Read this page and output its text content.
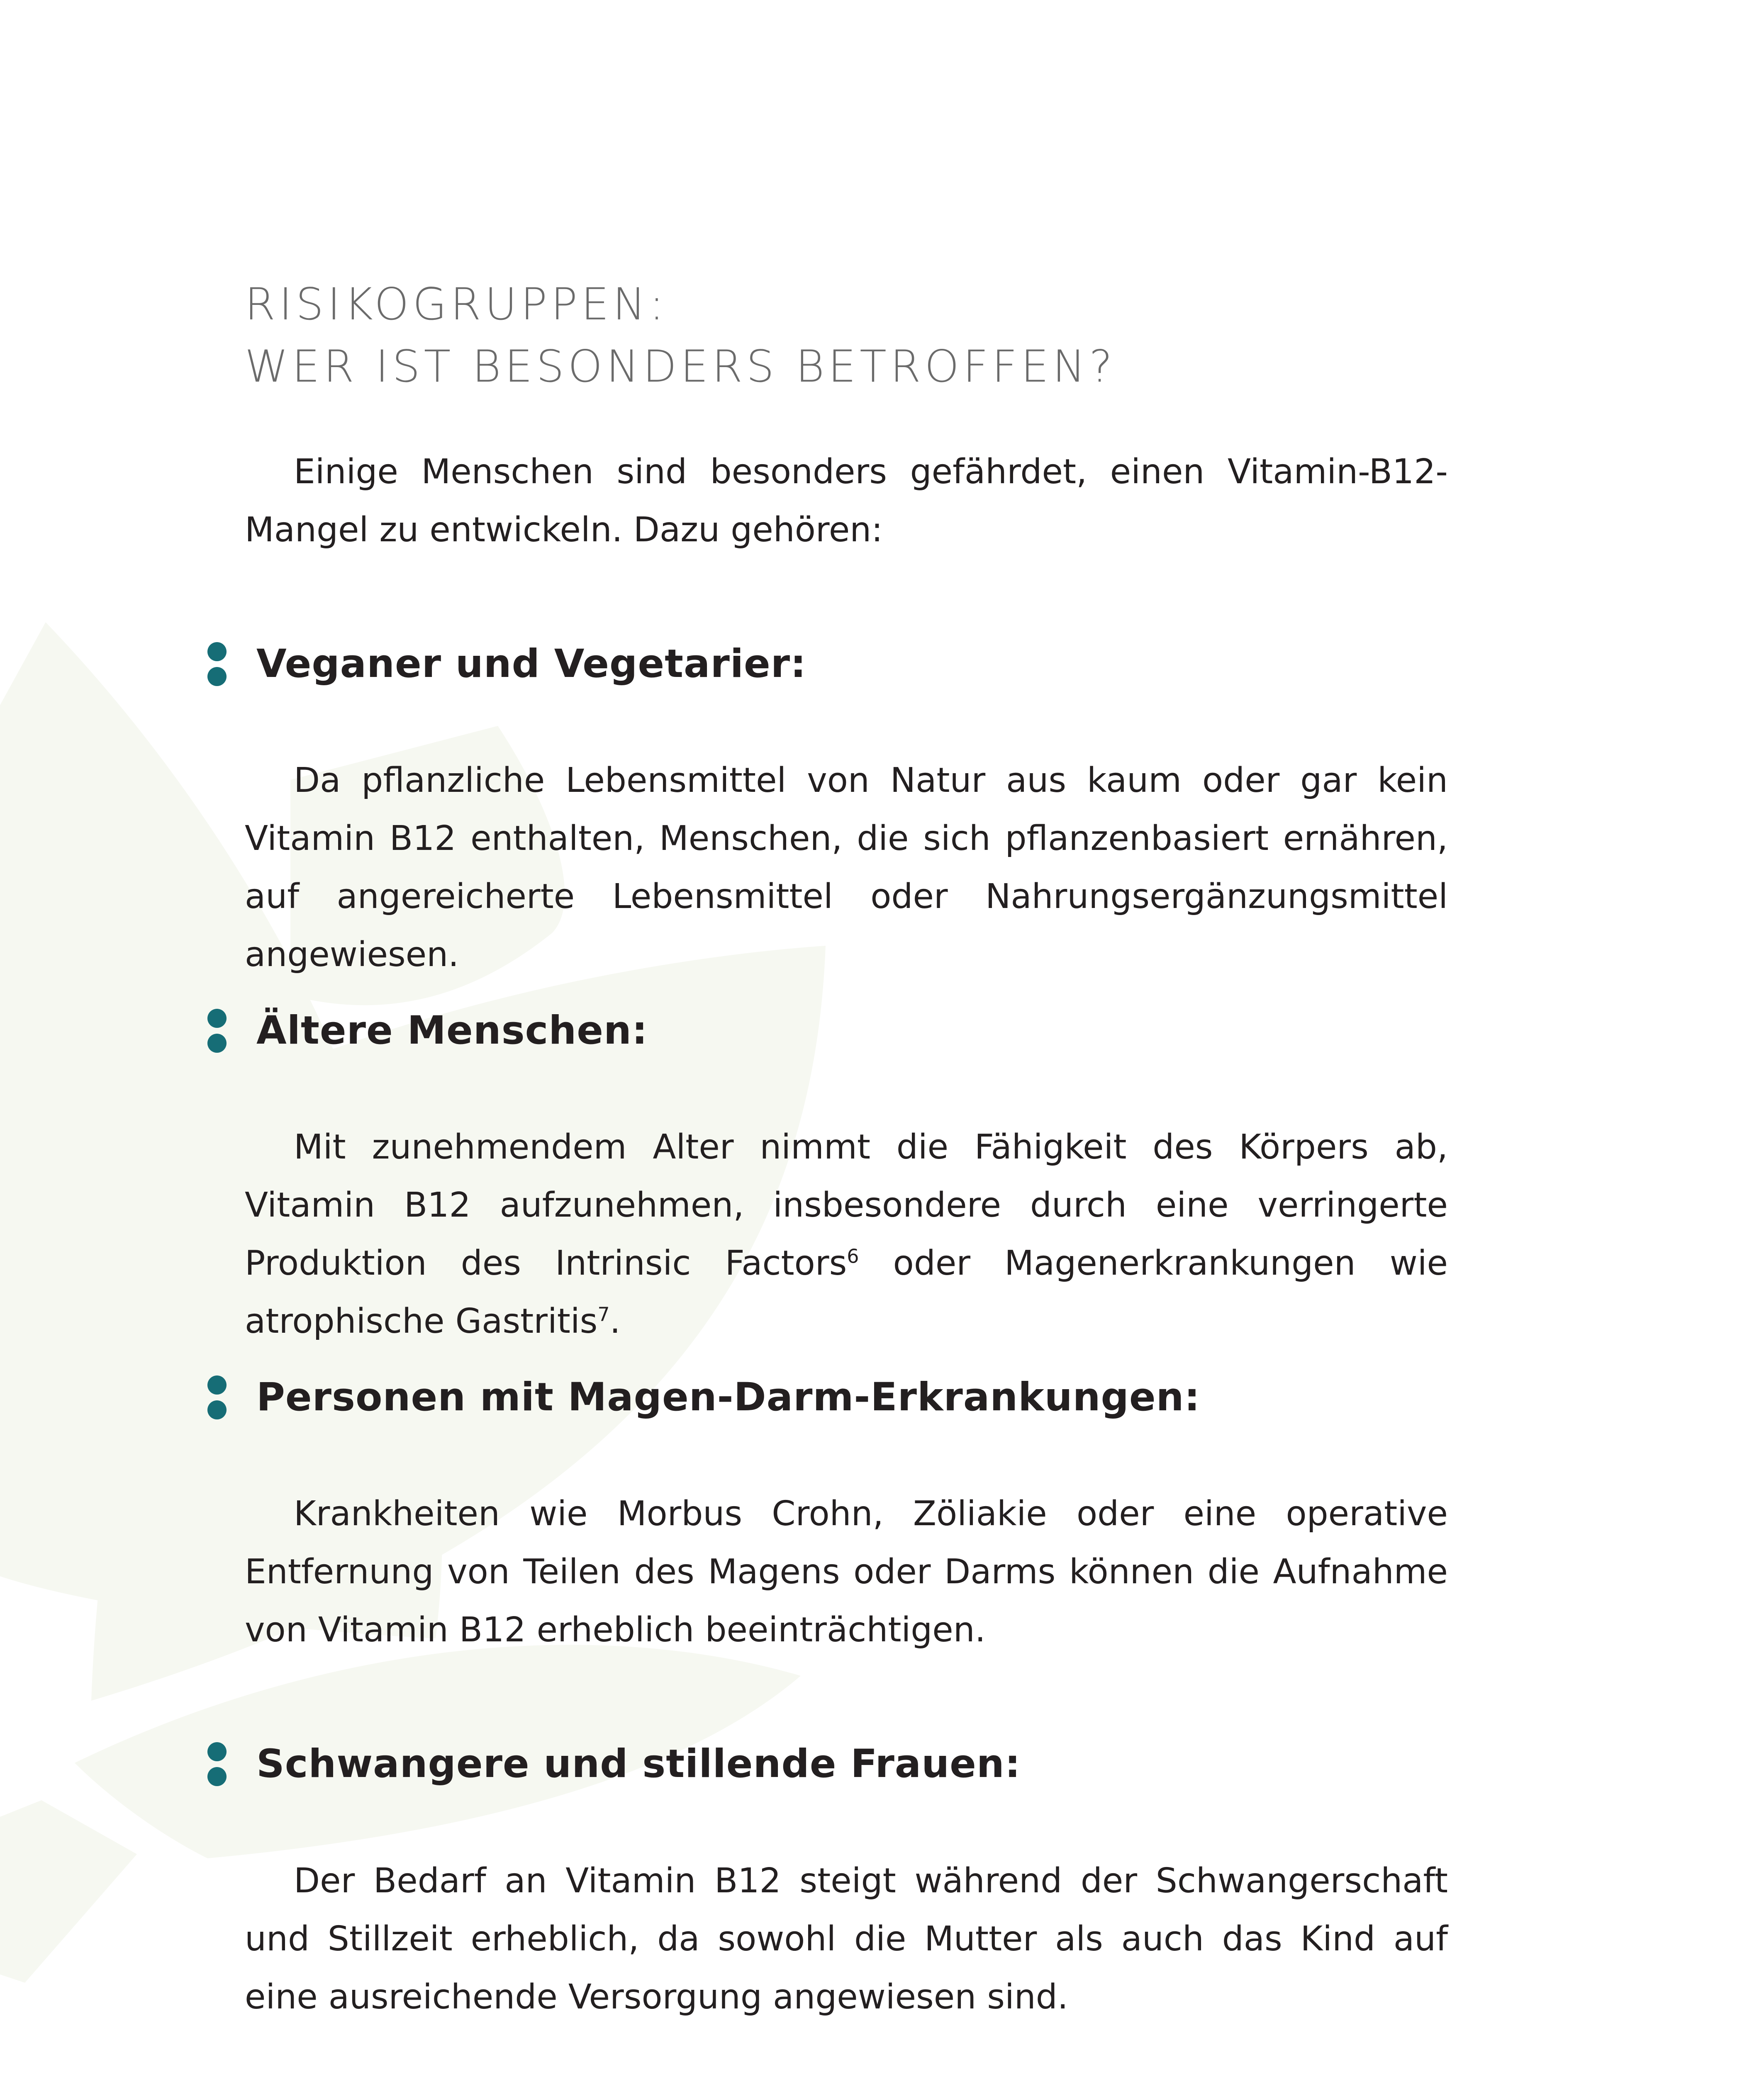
RISIKOGRUPPEN:
WER IST BESONDERS BETROFFEN?

Einige Menschen sind besonders gefährdet, einen Vitamin-B12-Mangel zu entwickeln. Dazu gehören:

Veganer und Vegetarier:

Da pflanzliche Lebensmittel von Natur aus kaum oder gar kein Vitamin B12 enthalten, Menschen, die sich pflanzenbasiert ernähren, auf angereicherte Lebensmittel oder Nahrungsergänzungsmittel angewiesen.

Ältere Menschen:

Mit zunehmendem Alter nimmt die Fähigkeit des Körpers ab, Vitamin B12 aufzunehmen, insbesondere durch eine verringerte Produktion des Intrinsic Factors$^6$ oder Magenerkrankungen wie atrophische Gastritis$^7$.

Personen mit Magen-Darm-Erkrankungen:

Krankheiten wie Morbus Crohn, Zöliakie oder eine operative Entfernung von Teilen des Magens oder Darms können die Aufnahme von Vitamin B12 erheblich beeinträchtigen.

Schwangere und stillende Frauen:

Der Bedarf an Vitamin B12 steigt während der Schwangerschaft und Stillzeit erheblich, da sowohl die Mutter als auch das Kind auf eine ausreichende Versorgung angewiesen sind.
